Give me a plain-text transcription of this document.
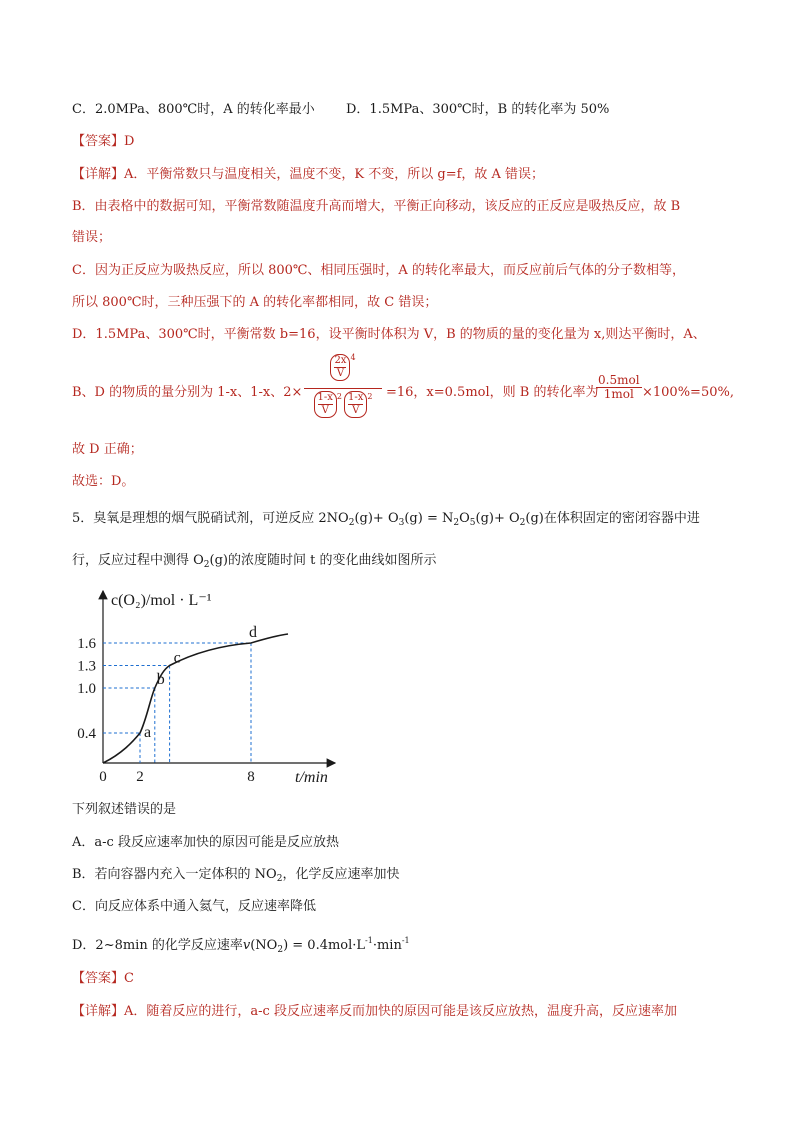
C．2.0MPa、800℃时，A 的转化率最小 D．1.5MPa、300℃时，B 的转化率为 50%
【答案】D
【详解】A．平衡常数只与温度相关，温度不变，K 不变，所以 g=f，故 A 错误；
B．由表格中的数据可知，平衡常数随温度升高而增大，平衡正向移动，该反应的正反应是吸热反应，故 B
错误；
C．因为正反应为吸热反应，所以 800℃、相同压强时，A 的转化率最大，而反应前后气体的分子数相等，
所以 800℃时，三种压强下的 A 的转化率都相同，故 C 错误；
D．1.5MPa、300℃时，平衡常数 b=16，设平衡时体积为 V，B 的物质的量的变化量为 x,则达平衡时，A、
B、D 的物质的量分别为 1-x、1-x、2×
$\frac{2x}{V} ^4$
$\frac{1-x}{V} ^2 \frac{1-x}{V} ^2$	=16，x=0.5mol，则 B 的转化率为
$\frac{\text{0.5mol}}{\text{1mol}} \times 100\%=50\%$,
故 D 正确；
故选：D。
5．臭氧是理想的烟气脱硝试剂，可逆反应 $2NO_2(g)+ O_3(g) = N_2O_5(g)+ O_2(g)$在体积固定的密闭容器中进
行，反应过程中测得 $O_2(g)$的浓度随时间 t 的变化曲线如图所示
c(O₂)/mol · L⁻¹
t/min
0 2	8
0.4
1.0
1.3
1.6
a
b
c
d
下列叙述错误的是
A．a-c 段反应速率加快的原因可能是反应放热
B．若向容器内充入一定体积的 $NO_2$，化学反应速率加快
C．向反应体系中通入氦气，反应速率降低
D．2~8min 的化学反应速率$v(NO_2) = 0.4mol\cdot L^{-1}\cdot\min^{-1}$
【答案】C
【详解】A．随着反应的进行，a-c 段反应速率反而加快的原因可能是该反应放热，温度升高，反应速率加
